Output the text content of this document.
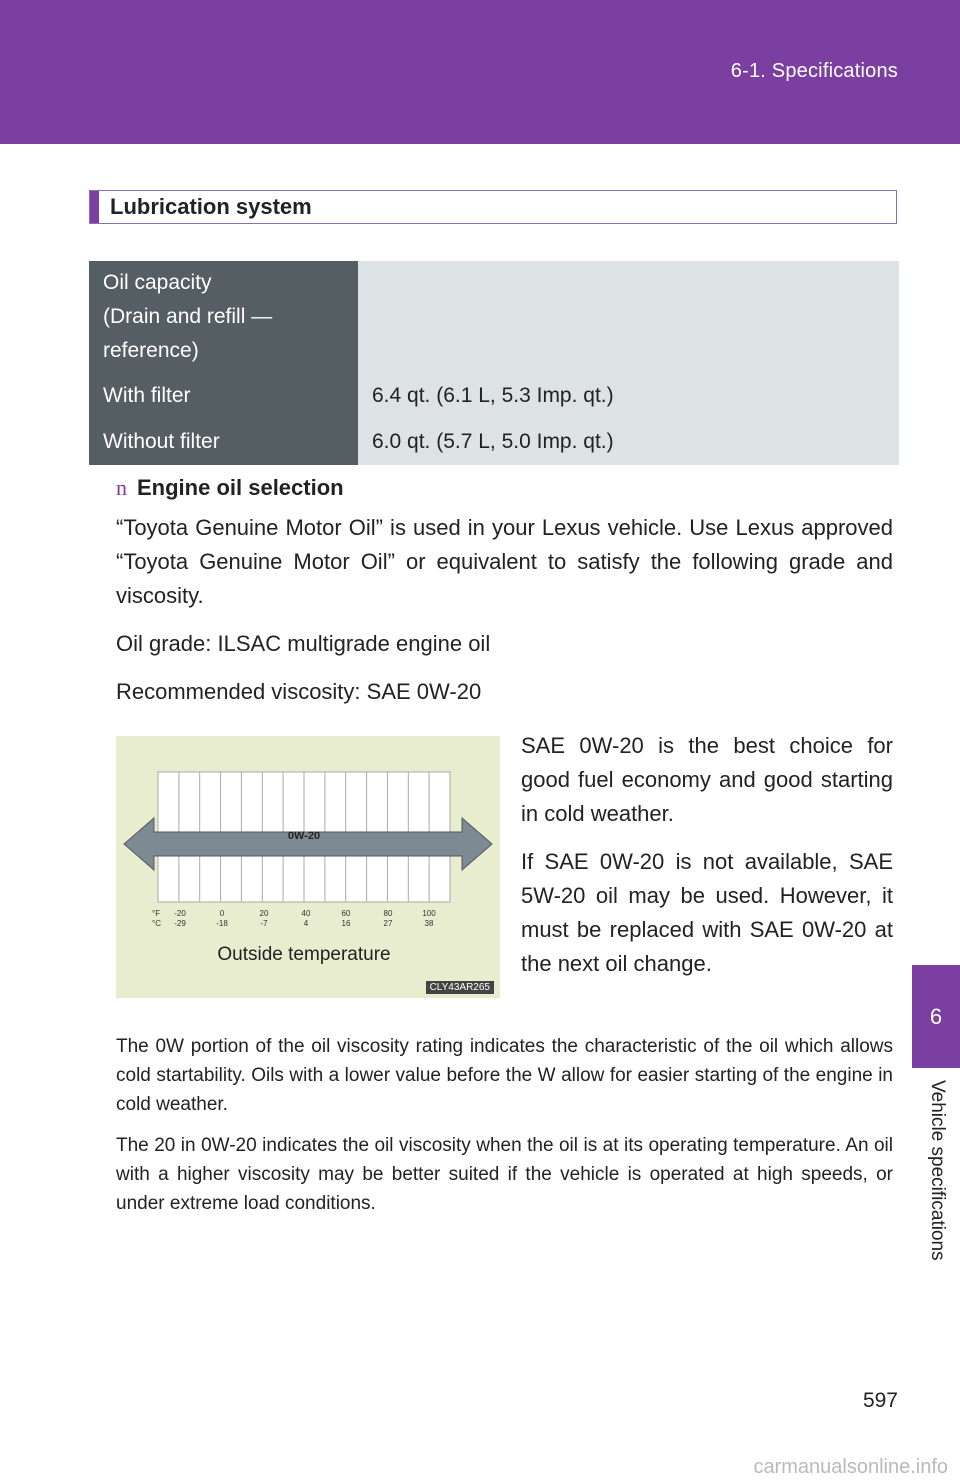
6-1. Specifications
6
Vehicle specifications
Lubrication system
Oil capacity
(Drain and refill —
reference)	

With filter	6.4 qt. (6.1 L, 5.3 Imp. qt.)
Without filter	6.0 qt. (5.7 L, 5.0 Imp. qt.)
n Engine oil selection
“Toyota Genuine Motor Oil” is used in your Lexus vehicle. Use Lexus approved “Toyota Genuine Motor Oil” or equivalent to satisfy the following grade and viscosity.
Oil grade: ILSAC multigrade engine oil
Recommended viscosity: SAE 0W-20
0W-20
°F
°C
-20	0	20	40	60	80	100
-29	-18	-7	4	16	27	38
Outside temperature
CLY43AR265
SAE 0W-20 is the best choice for good fuel economy and good starting in cold weather.
If SAE 0W-20 is not available, SAE 5W-20 oil may be used. However, it must be replaced with SAE 0W-20 at the next oil change.
The 0W portion of the oil viscosity rating indicates the characteristic of the oil which allows cold startability. Oils with a lower value before the W allow for easier starting of the engine in cold weather.
The 20 in 0W-20 indicates the oil viscosity when the oil is at its operating temperature. An oil with a higher viscosity may be better suited if the vehicle is operated at high speeds, or under extreme load conditions.
597
carmanualsonline.info
